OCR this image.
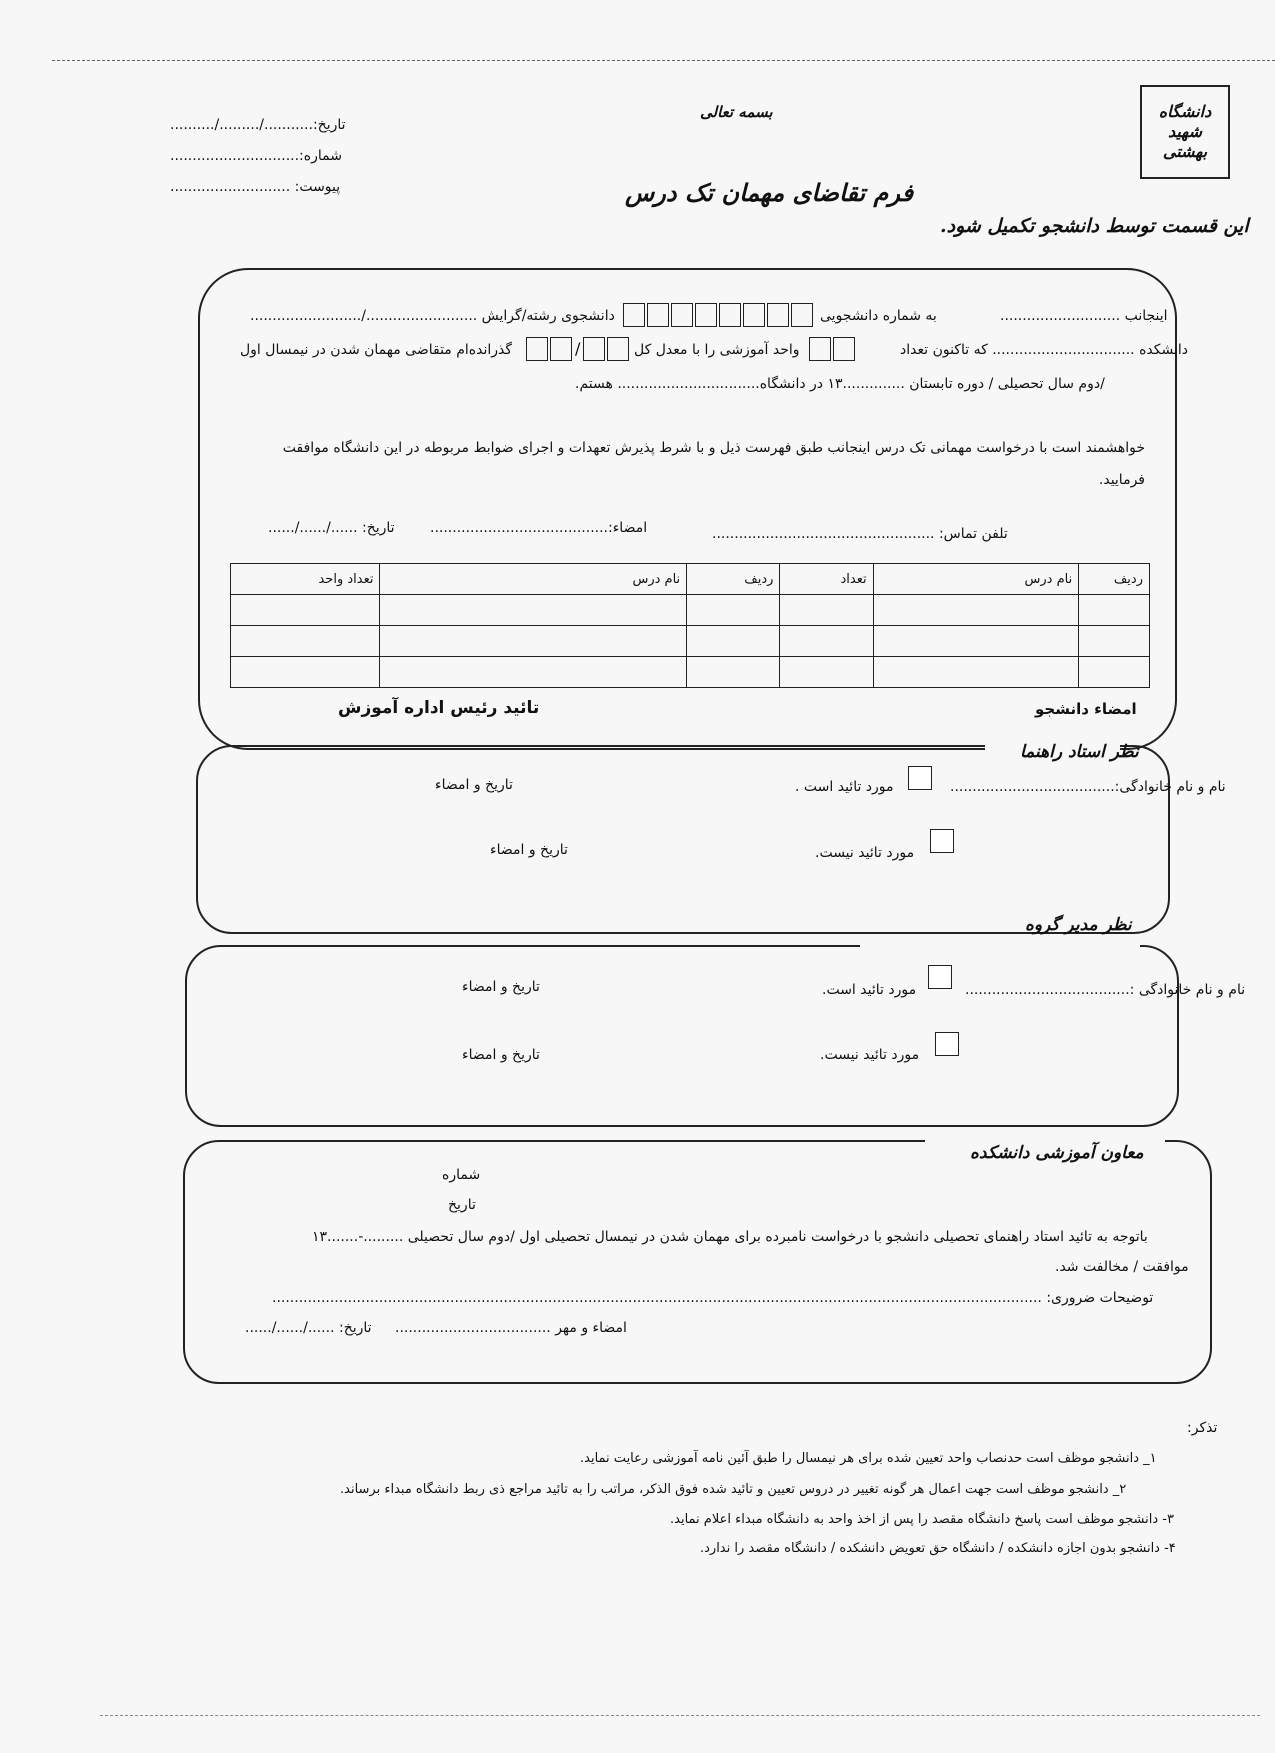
دانشگاه
شهید
بهشتی
بسمه تعالی
فرم تقاضای مهمان تک درس
این قسمت توسط دانشجو تکمیل شود.
تاریخ:.........../........./..........
شماره:.............................
پیوست: ...........................
اینجانب ...........................
به شماره دانشجویی
دانشجوی رشته/گرایش ........................./.........................
دانشکده ................................ که تاکنون تعداد
واحد آموزشی را با معدل کل
/
گذرانده‌ام متقاضی مهمان شدن در نیمسال اول
/دوم سال تحصیلی / دوره تابستان ..............۱۳ در دانشگاه................................ هستم.
خواهشمند است با درخواست مهمانی تک درس اینجانب طبق فهرست ذیل و با شرط پذیرش تعهدات و اجرای ضوابط مربوطه در این دانشگاه موافقت فرمایید.
تلفن تماس: ..................................................
امضاء:........................................
تاریخ: ....../....../......
ردیف	نام درس	تعداد	ردیف	نام درس	تعداد واحد

امضاء دانشجو
تائید رئیس اداره آموزش
نظر استاد راهنما
نام و نام خانوادگی:.....................................
مورد تائید است .
تاریخ و امضاء
مورد تائید نیست.
تاریخ و امضاء
نظر مدیر گروه
نام و نام خانوادگی :.....................................
مورد تائید است.
تاریخ و امضاء
مورد تائید نیست.
تاریخ و امضاء
معاون آموزشی دانشکده
شماره
تاریخ
باتوجه به تائید استاد راهنمای تحصیلی دانشجو با درخواست نامبرده برای مهمان شدن در نیمسال تحصیلی اول /دوم سال تحصیلی .........-.......۱۳
موافقت / مخالفت شد.
توضیحات ضروری: .............................................................................................................................................................................
امضاء و مهر ...................................
تاریخ: ....../....../......
تذکر:
۱_ دانشجو موظف است حدنصاب واحد تعیین شده برای هر نیمسال را طبق آئین نامه آموزشی رعایت نماید.
۲_ دانشجو موظف است جهت اعمال هر گونه تغییر در دروس تعیین و تائید شده فوق الذکر، مراتب را به تائید مراجع ذی ربط دانشگاه مبداء برساند.
۳- دانشجو موظف است پاسخ دانشگاه مقصد را پس از اخذ واحد به دانشگاه مبداء اعلام نماید.
۴- دانشجو بدون اجازه دانشکده / دانشگاه حق تعویض دانشکده / دانشگاه مقصد را ندارد.
